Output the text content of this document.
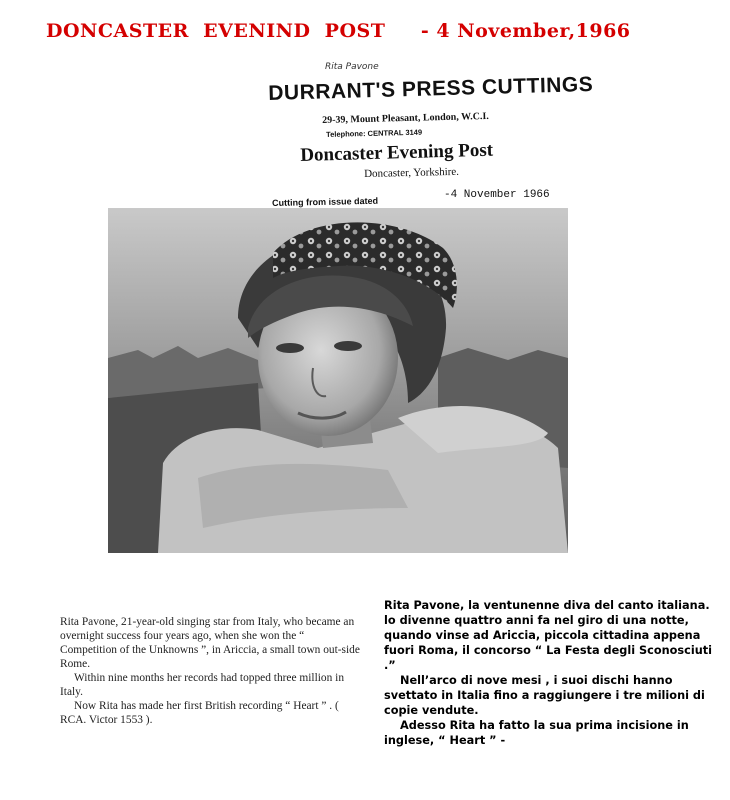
DONCASTER  EVENIND  POST     - 4 November,1966
Rita Pavone
DURRANT'S PRESS CUTTINGS
29-39, Mount Pleasant, London, W.C.I.
Telephone: CENTRAL 3149
Doncaster Evening Post
Doncaster, Yorkshire.
Cutting from issue dated
-4 November 1966

Rita Pavone, 21-year-old singing star from Italy, who became an overnight success four years ago, when she won the “ Competition of the Unknowns ”, in Ariccia, a small town out-side Rome.

Within nine months her records had topped three million in Italy.

Now Rita has made her first British recording “ Heart ” . ( RCA. Victor 1553 ).

Rita Pavone, la ventunenne diva del canto italiana. lo divenne quattro anni fa nel giro di una notte, quando vinse ad Ariccia, piccola cittadina appena fuori Roma, il concorso “ La Festa degli Sconosciuti .”

Nell’arco di nove mesi , i suoi dischi hanno svettato in Italia fino a raggiungere i tre milioni di copie vendute.

Adesso Rita ha fatto la sua prima incisione in inglese, “ Heart ” -
